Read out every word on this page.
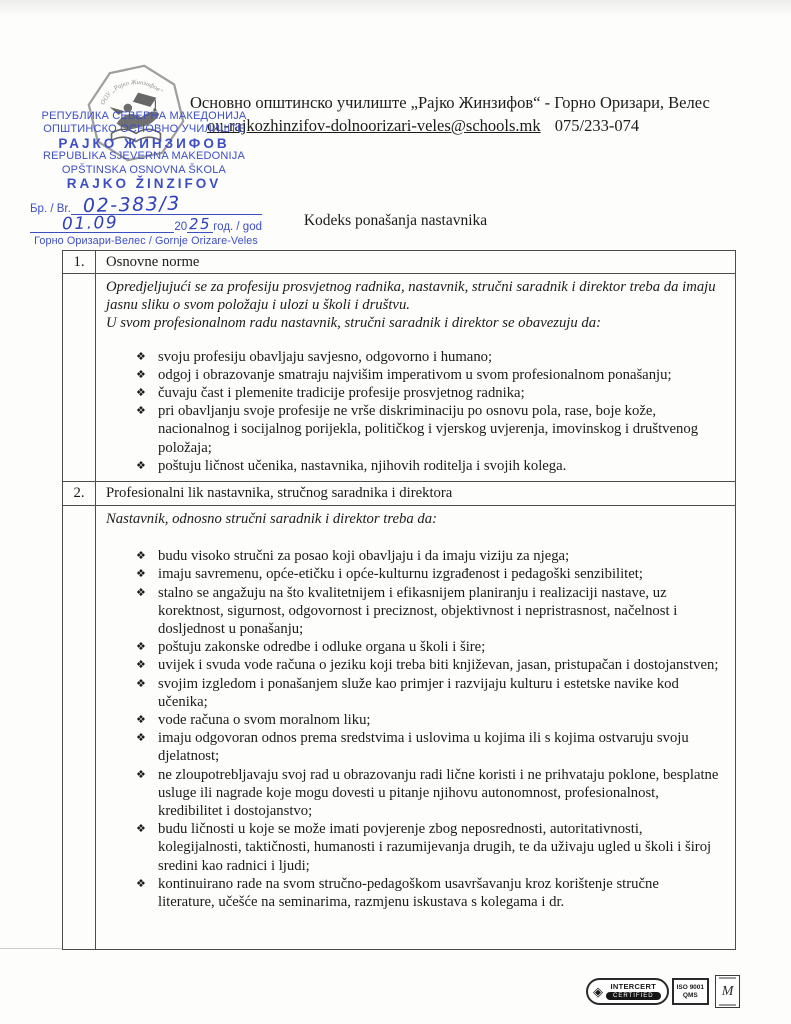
ООУ „Рајко Жинзифов“
Основно општинско училиште „Рајко Жинзифов“ - Горно Оризари, Велес
ou-rajkozhinzifov-dolnoorizari-veles@schools.mk 075/233-074
РЕПУБЛИКА СЕВЕРНА МАКЕДОНИЈА
ОПШТИНСКО ОСНОВНО УЧИЛИШТЕ
РАЈКО ЖИНЗИФОВ
REPUBLIKA SJEVERNA MAKEDONIJA
OPŠTINSKA OSNOVNA ŠKOLA
RAJKO ŽINZIFOV
Бр. / Br. 02-383/3
01.09	20 25 год. / god
Горно Оризари-Велес / Gornje Orizare-Veles
Kodeks ponašanja nastavnika
1.	Osnovne norme

Opredjeljujući se za profesiju prosvjetnog radnika, nastavnik, stručni saradnik i direktor treba da imaju jasnu sliku o svom položaju i ulozi u školi i društvu.

U svom profesionalnom radu nastavnik, stručni saradnik i direktor se obavezuju da:

❖ svoju profesiju obavljaju savjesno, odgovorno i humano;
❖ odgoj i obrazovanje smatraju najvišim imperativom u svom profesionalnom ponašanju;
❖ čuvaju čast i plemenite tradicije profesije prosvjetnog radnika;
❖ pri obavljanju svoje profesije ne vrše diskriminaciju po osnovu pola, rase, boje kože, nacionalnog i socijalnog porijekla, političkog i vjerskog uvjerenja, imovinskog i društvenog položaja;
❖ poštuju ličnost učenika, nastavnika, njihovih roditelja i svojih kolega.
2.	Profesionalni lik nastavnika, stručnog saradnika i direktora

Nastavnik, odnosno stručni saradnik i direktor treba da:

❖ budu visoko stručni za posao koji obavljaju i da imaju viziju za njega;
❖ imaju savremenu, opće-etičku i opće-kulturnu izgrađenost i pedagoški senzibilitet;
❖ stalno se angažuju na što kvalitetnijem i efikasnijem planiranju i realizaciji nastave, uz korektnost, sigurnost, odgovornost i preciznost, objektivnost i nepristrasnost, načelnost i dosljednost u ponašanju;
❖ poštuju zakonske odredbe i odluke organa u školi i šire;
❖ uvijek i svuda vode računa o jeziku koji treba biti književan, jasan, pristupačan i dostojanstven;
❖ svojim izgledom i ponašanjem služe kao primjer i razvijaju kulturu i estetske navike kod učenika;
❖ vode računa o svom moralnom liku;
❖ imaju odgovoran odnos prema sredstvima i uslovima u kojima ili s kojima ostvaruju svoju djelatnost;
❖ ne zloupotrebljavaju svoj rad u obrazovanju radi lične koristi i ne prihvataju poklone, besplatne usluge ili nagrade koje mogu dovesti u pitanje njihovu autonomnost, profesionalnost, kredibilitet i dostojanstvo;
❖ budu ličnosti u koje se može imati povjerenje zbog neposrednosti, autoritativnosti, kolegijalnosti, taktičnosti, humanosti i razumijevanja drugih, te da uživaju ugled u školi i široj sredini kao radnici i ljudi;
❖ kontinuirano rade na svom stručno-pedagoškom usavršavanju kroz korištenje stručne literature, učešće na seminarima, razmjenu iskustava s kolegama i dr.
◈ INTERCERT
CERTIFIED
ISO 9001
QMS M
